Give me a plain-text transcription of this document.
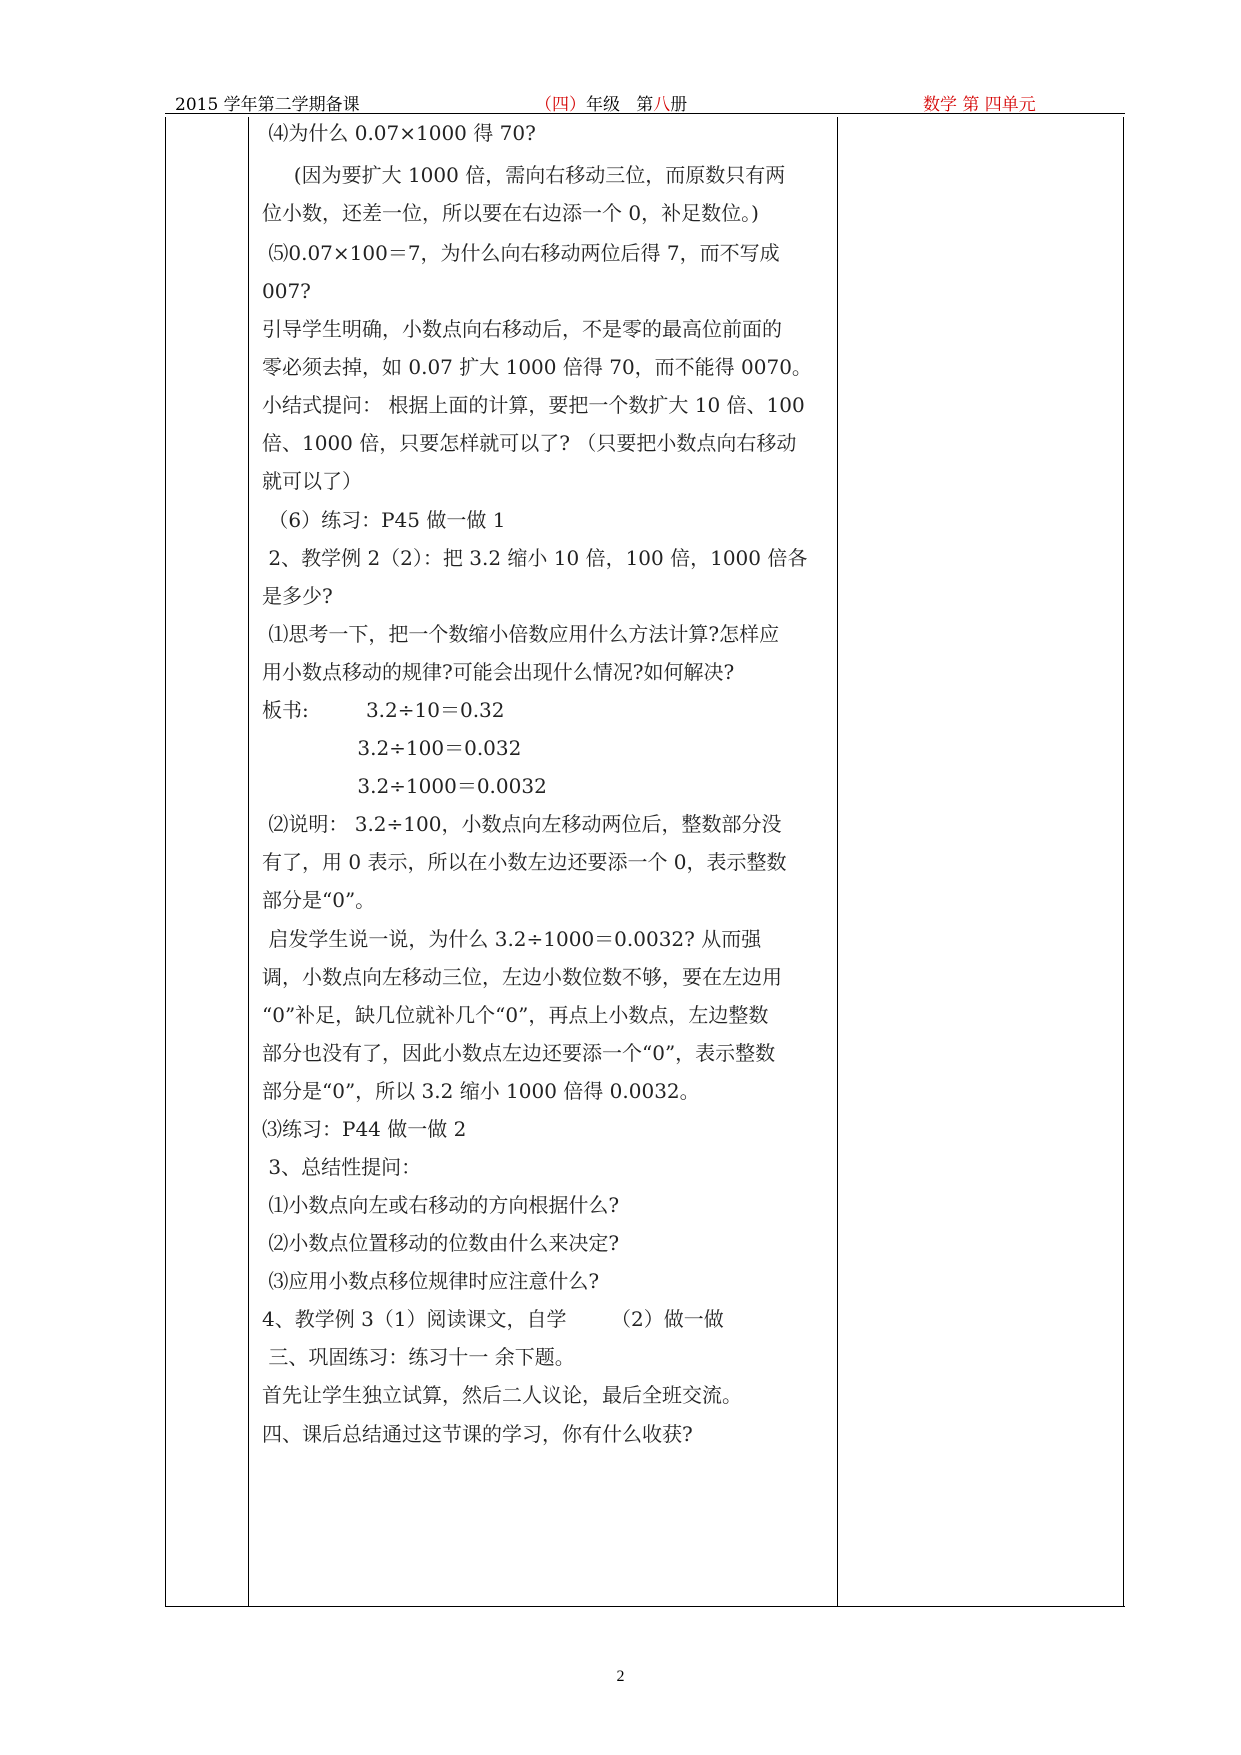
2015 学年第二学期备课	（四）年级 第八册	数学 第 四单元
⑷为什么 0.07×1000 得 70?
(因为要扩大 1000 倍，需向右移动三位，而原数只有两
位小数，还差一位，所以要在右边添一个 0，补足数位。)
⑸0.07×100＝7，为什么向右移动两位后得 7，而不写成
007?
引导学生明确，小数点向右移动后，不是零的最高位前面的
零必须去掉，如 0.07 扩大 1000 倍得 70，而不能得 0070。
小结式提问： 根据上面的计算，要把一个数扩大 10 倍、100
倍、1000 倍，只要怎样就可以了? （只要把小数点向右移动
就可以了）
（6）练习：P45 做一做 1
2、教学例 2（2）：把 3.2 缩小 10 倍，100 倍，1000 倍各
是多少?
⑴思考一下，把一个数缩小倍数应用什么方法计算?怎样应
用小数点移动的规律?可能会出现什么情况?如何解决?
板书:         3.2÷10＝0.32
3.2÷100＝0.032
3.2÷1000＝0.0032
⑵说明： 3.2÷100，小数点向左移动两位后，整数部分没
有了，用 0 表示，所以在小数左边还要添一个 0，表示整数
部分是“0”。
启发学生说一说，为什么 3.2÷1000＝0.0032? 从而强
调，小数点向左移动三位，左边小数位数不够，要在左边用
“0”补足，缺几位就补几个“0”，再点上小数点，左边整数
部分也没有了，因此小数点左边还要添一个“0”，表示整数
部分是“0”，所以 3.2 缩小 1000 倍得 0.0032。
⑶练习：P44 做一做 2
3、总结性提问：
⑴小数点向左或右移动的方向根据什么?
⑵小数点位置移动的位数由什么来决定?
⑶应用小数点移位规律时应注意什么?
4、教学例 3（1）阅读课文，自学       （2）做一做
三、巩固练习：练习十一 余下题。
首先让学生独立试算，然后二人议论，最后全班交流。
四、课后总结通过这节课的学习，你有什么收获?
2
